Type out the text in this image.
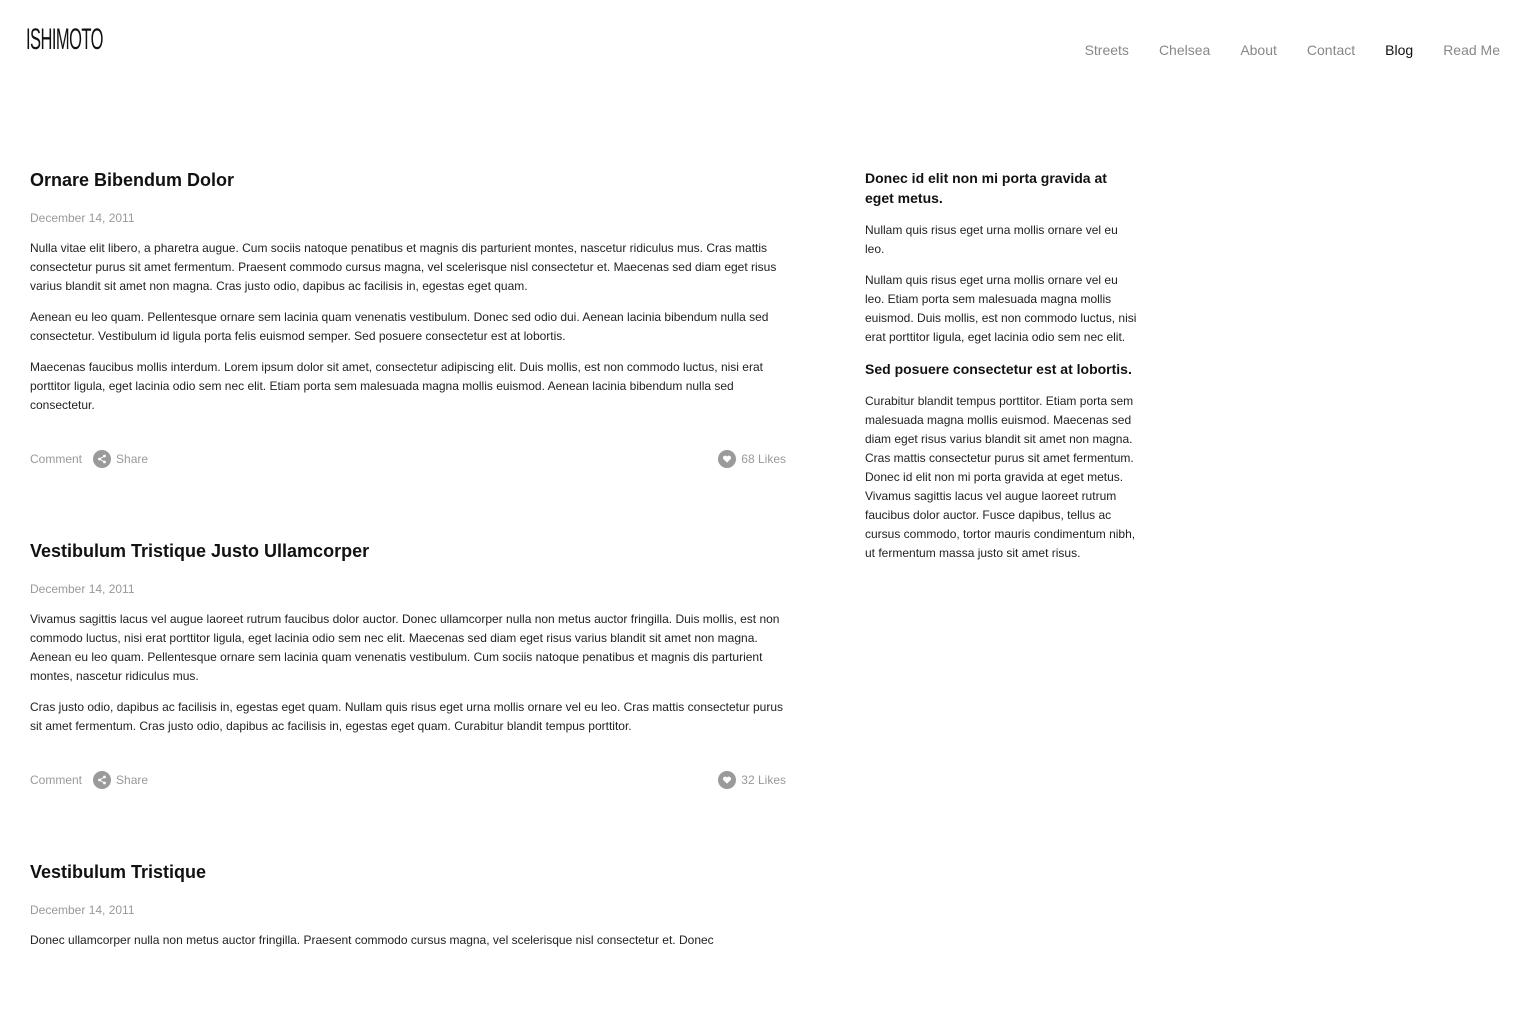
ISHIMOTO	Streets Chelsea About Contact Blog Read Me
Ornare Bibendum Dolor
December 14, 2011

Nulla vitae elit libero, a pharetra augue. Cum sociis natoque penatibus et magnis dis parturient montes, nascetur ridiculus mus. Cras mattis consectetur purus sit amet fermentum. Praesent commodo cursus magna, vel scelerisque nisl consectetur et. Maecenas sed diam eget risus varius blandit sit amet non magna. Cras justo odio, dapibus ac facilisis in, egestas eget quam.

Aenean eu leo quam. Pellentesque ornare sem lacinia quam venenatis vestibulum. Donec sed odio dui. Aenean lacinia bibendum nulla sed consectetur. Vestibulum id ligula porta felis euismod semper. Sed posuere consectetur est at lobortis.

Maecenas faucibus mollis interdum. Lorem ipsum dolor sit amet, consectetur adipiscing elit. Duis mollis, est non commodo luctus, nisi erat porttitor ligula, eget lacinia odio sem nec elit. Etiam porta sem malesuada magna mollis euismod. Aenean lacinia bibendum nulla sed consectetur.

Comment	Share	68 Likes
Vestibulum Tristique Justo Ullamcorper
December 14, 2011

Vivamus sagittis lacus vel augue laoreet rutrum faucibus dolor auctor. Donec ullamcorper nulla non metus auctor fringilla. Duis mollis, est non commodo luctus, nisi erat porttitor ligula, eget lacinia odio sem nec elit. Maecenas sed diam eget risus varius blandit sit amet non magna. Aenean eu leo quam. Pellentesque ornare sem lacinia quam venenatis vestibulum. Cum sociis natoque penatibus et magnis dis parturient montes, nascetur ridiculus mus.

Cras justo odio, dapibus ac facilisis in, egestas eget quam. Nullam quis risus eget urna mollis ornare vel eu leo. Cras mattis consectetur purus sit amet fermentum. Cras justo odio, dapibus ac facilisis in, egestas eget quam. Curabitur blandit tempus porttitor.

Comment	Share	32 Likes
Vestibulum Tristique
December 14, 2011

Donec ullamcorper nulla non metus auctor fringilla. Praesent commodo cursus magna, vel scelerisque nisl consectetur et. Donec

Donec id elit non mi porta gravida at eget metus.

Nullam quis risus eget urna mollis ornare vel eu leo.

Nullam quis risus eget urna mollis ornare vel eu leo. Etiam porta sem malesuada magna mollis euismod. Duis mollis, est non commodo luctus, nisi erat porttitor ligula, eget lacinia odio sem nec elit.

Sed posuere consectetur est at lobortis.

Curabitur blandit tempus porttitor. Etiam porta sem malesuada magna mollis euismod. Maecenas sed diam eget risus varius blandit sit amet non magna. Cras mattis consectetur purus sit amet fermentum. Donec id elit non mi porta gravida at eget metus. Vivamus sagittis lacus vel augue laoreet rutrum faucibus dolor auctor. Fusce dapibus, tellus ac cursus commodo, tortor mauris condimentum nibh, ut fermentum massa justo sit amet risus.
